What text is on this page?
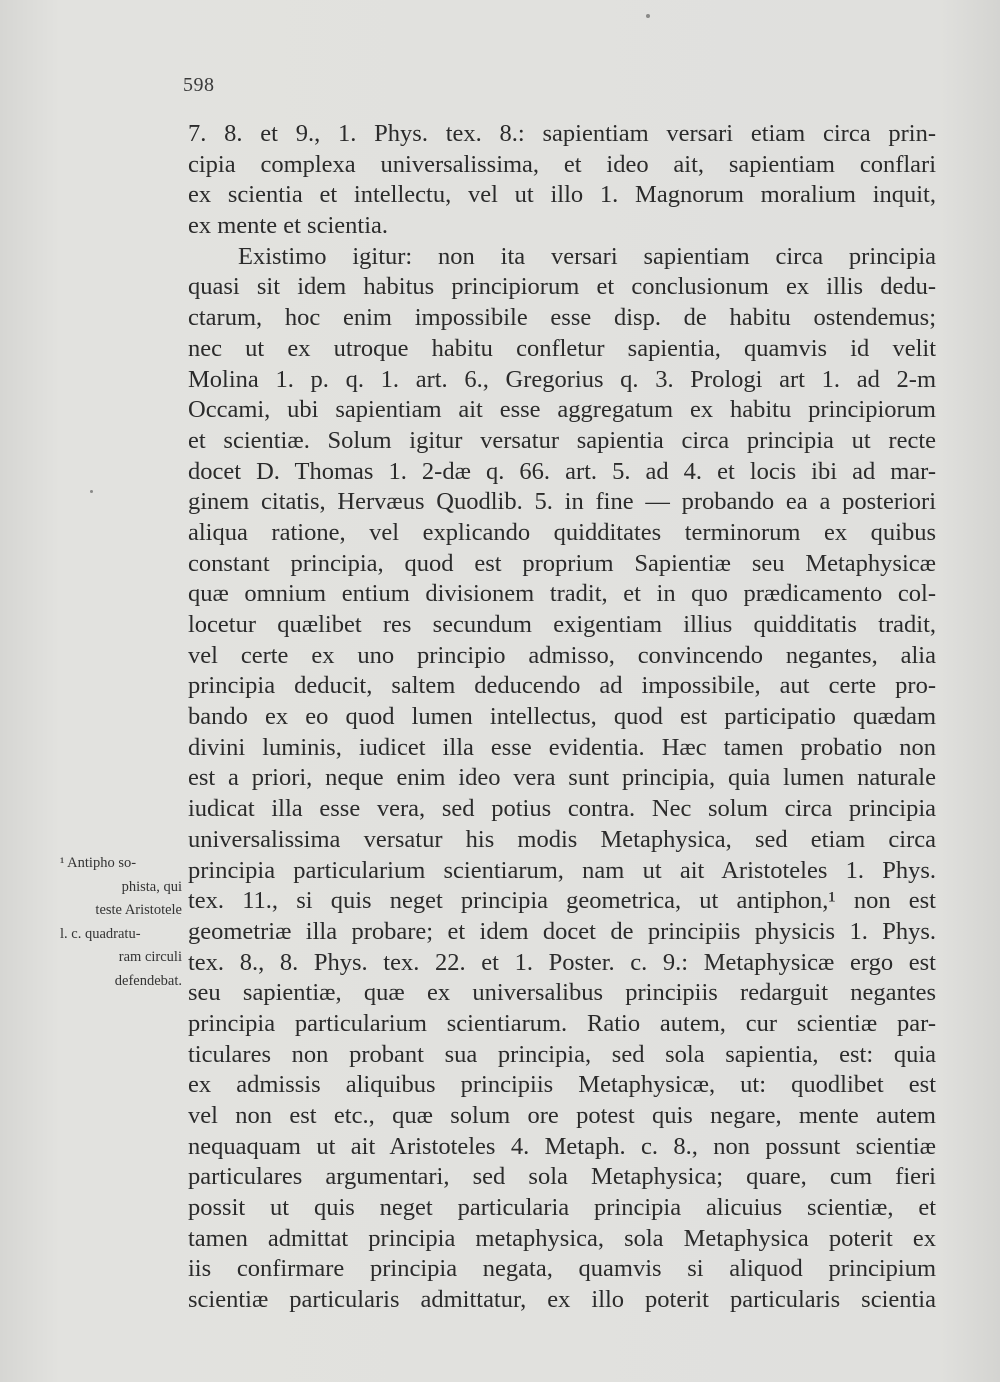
598
7. 8. et 9., 1. Phys. tex. 8.: sapientiam versari etiam circa prin-
cipia complexa universalissima, et ideo ait, sapientiam conflari
ex scientia et intellectu, vel ut illo 1. Magnorum moralium inquit,
ex mente et scientia.
Existimo igitur: non ita versari sapientiam circa principia
quasi sit idem habitus principiorum et conclusionum ex illis dedu-
ctarum, hoc enim impossibile esse disp. de habitu ostendemus;
nec ut ex utroque habitu confletur sapientia, quamvis id velit
Molina 1. p. q. 1. art. 6., Gregorius q. 3. Prologi art 1. ad 2-m
Occami, ubi sapientiam ait esse aggregatum ex habitu principiorum
et scientiæ. Solum igitur versatur sapientia circa principia ut recte
docet D. Thomas 1. 2-dæ q. 66. art. 5. ad 4. et locis ibi ad mar-
ginem citatis, Hervæus Quodlib. 5. in fine — probando ea a posteriori
aliqua ratione, vel explicando quidditates terminorum ex quibus
constant principia, quod est proprium Sapientiæ seu Metaphysicæ
quæ omnium entium divisionem tradit, et in quo prædicamento col-
locetur quælibet res secundum exigentiam illius quidditatis tradit,
vel certe ex uno principio admisso, convincendo negantes, alia
principia deducit, saltem deducendo ad impossibile, aut certe pro-
bando ex eo quod lumen intellectus, quod est participatio quædam
divini luminis, iudicet illa esse evidentia. Hæc tamen probatio non
est a priori, neque enim ideo vera sunt principia, quia lumen naturale
iudicat illa esse vera, sed potius contra. Nec solum circa principia
universalissima versatur his modis Metaphysica, sed etiam circa
principia particularium scientiarum, nam ut ait Aristoteles 1. Phys.
tex. 11., si quis neget principia geometrica, ut antiphon,¹ non est
geometriæ illa probare; et idem docet de principiis physicis 1. Phys.
tex. 8., 8. Phys. tex. 22. et 1. Poster. c. 9.: Metaphysicæ ergo est
seu sapientiæ, quæ ex universalibus principiis redarguit negantes
principia particularium scientiarum. Ratio autem, cur scientiæ par-
ticulares non probant sua principia, sed sola sapientia, est: quia
ex admissis aliquibus principiis Metaphysicæ, ut: quodlibet est
vel non est etc., quæ solum ore potest quis negare, mente autem
nequaquam ut ait Aristoteles 4. Metaph. c. 8., non possunt scientiæ
particulares argumentari, sed sola Metaphysica; quare, cum fieri
possit ut quis neget particularia principia alicuius scientiæ, et
tamen admittat principia metaphysica, sola Metaphysica poterit ex
iis confirmare principia negata, quamvis si aliquod principium
scientiæ particularis admittatur, ex illo poterit particularis scientia
¹ Antipho so-
phista, qui
teste Aristotele
l. c. quadratu-
ram circuli
defendebat.
